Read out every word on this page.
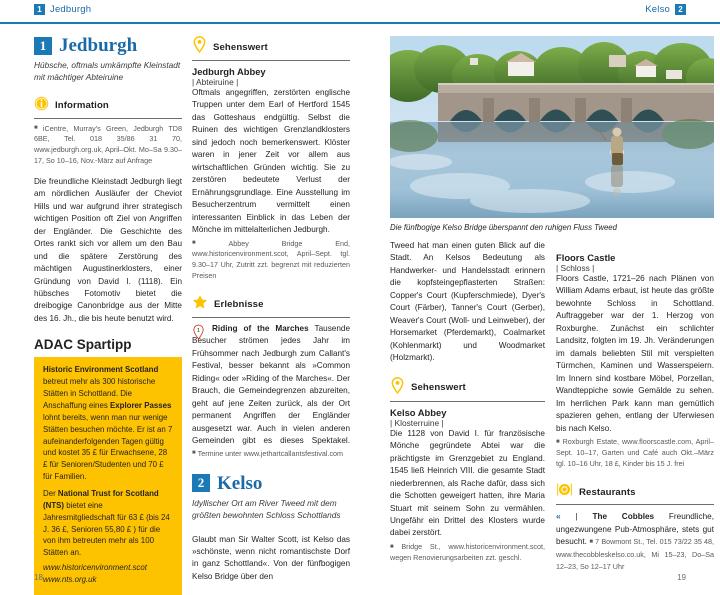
1 Jedburgh	Kelso	2
1 Jedburgh
Hübsche, oftmals umkämpfte Kleinstadt mit mächtiger Abteiruine
Information
■ iCentre, Murray's Green, Jedburgh TD8 6BE, Tel. 018 35/86 31 70, www.jedburgh.org.uk, April–Okt. Mo–Sa 9.30–17, So 10–16, Nov.-März auf Anfrage
Die freundliche Kleinstadt Jedburgh liegt am nördlichen Ausläufer der Cheviot Hills und war aufgrund ihrer strategisch wichtigen Position oft Ziel von Angriffen der Engländer. Die Geschichte des Ortes rankt sich vor allem um den Bau und die spätere Zerstörung des mächtigen Augustinerklosters, einer Gründung von David I. (1118). Ein hübsches Fotomotiv bietet die dreibogige Canonbridge aus der Mitte des 16. Jh., die bis heute benutzt wird.
ADAC Spartipp

Historic Environment Scotland betreut mehr als 300 historische Stätten in Schottland. Die Anschaffung eines Explorer Passes lohnt bereits, wenn man nur wenige Stätten besuchen möchte. Er ist an 7 aufeinanderfolgenden Tagen gültig und kostet 35 £ für Erwachsene, 28 £ für Senioren/Studenten und 70 £ für Familien.

Der National Trust for Scotland (NTS) bietet eine Jahresmitgliedschaft für 63 £ (bis 24 J. 36 £, Senioren 55,80 £ ) für die von ihm betreuten mehr als 100 Stätten an.

www.historicenvironment.scot

www.nts.org.uk

Sehenswert
Jedburgh Abbey
| Abteiruine |
Oftmals angegriffen, zerstörten englische Truppen unter dem Earl of Hertford 1545 das Gotteshaus endgültig. Selbst die Ruinen des wichtigen Grenzlandklosters sind jedoch noch bemerkenswert. Klöster waren in jener Zeit vor allem aus wirtschaftlichen Gründen wichtig. Sie zu zerstören bedeutete Verlust der Ernährungsgrundlage. Eine Ausstellung im Besucherzentrum vermittelt einen interessanten Einblick in das Leben der Mönche im mittelalterlichen Jedburgh.
■ Abbey Bridge End, www.historicenvironment.scot, April–Sept. tgl. 9.30–17 Uhr, Zutritt zzt. begrenzt mit reduzierten Preisen
Erlebnisse
1	Riding of the Marches Tausende Besucher strömen jedes Jahr im Frühsommer nach Jedburgh zum Callant's Festival, besser bekannt als »Common Riding« oder »Riding of the Marches«. Der Brauch, die Gemeindegrenzen abzureiten, geht auf jene Zeiten zurück, als der Ort permanent Angriffen der Engländer ausgesetzt war. Auch in vielen anderen Gemeinden gibt es dieses Spektakel. ■ Termine unter www.jethartcallantsfestival.com
2 Kelso
Idyllischer Ort am River Tweed mit dem größten bewohnten Schloss Schottlands
Glaubt man Sir Walter Scott, ist Kelso das »schönste, wenn nicht romantischste Dorf in ganz Schottland«. Von der fünfbogigen Kelso Bridge über den
Die fünfbogige Kelso Bridge überspannt den ruhigen Fluss Tweed
Tweed hat man einen guten Blick auf die Stadt. An Kelsos Bedeutung als Handwerker- und Handelsstadt erinnern die kopfsteingepflasterten Straßen: Copper's Court (Kupferschmiede), Dyer's Court (Färber), Tanner's Court (Gerber), Weaver's Court (Woll- und Leinweber), der Horsemarket (Pferdemarkt), Coalmarket (Kohlenmarkt) und Woodmarket (Holzmarkt).
Sehenswert
Kelso Abbey
| Klosterruine |
Die 1128 von David I. für französische Mönche gegründete Abtei war die prächtigste im Grenzgebiet zu England. 1545 ließ Heinrich VIII. die gesamte Stadt niederbrennen, als Rache dafür, dass sich die Schotten geweigert hatten, ihre Maria Stuart mit seinem Sohn zu vermählen. Ungefähr ein Drittel des Klosters wurde dabei zerstört.
■ Bridge St., www.historicenvironment.scot, wegen Renovierungsarbeiten zzt. geschl.
Floors Castle
| Schloss |
Floors Castle, 1721–26 nach Plänen von William Adams erbaut, ist heute das größte bewohnte Schloss in Schottland. Auftraggeber war der 1. Herzog von Roxburghe. Zunächst ein schlichter Landsitz, folgten im 19. Jh. Veränderungen im damals beliebten Stil mit verspielten Türmchen, Kaminen und Wasserspeiern. Im Innern sind kostbare Möbel, Porzellan, Wandteppiche sowie Gemälde zu sehen. Im herrlichen Park kann man gemütlich spazieren gehen, entlang der Uferwiesen bis nach Kelso.
■ Roxburgh Estate, www.floorscastle.com, April–Sept. 10–17, Garten und Café auch Okt.–März tgl. 10–16 Uhr, 18 £, Kinder bis 15 J. frei
Restaurants
« | The Cobbles Freundliche, ungezwungene Pub-Atmosphäre, stets gut besucht. ■ 7 Bowmont St., Tel. 015 73/22 35 48, www.thecobbleskelso.co.uk, Mi 15–23, Do–Sa 12–23, So 12–17 Uhr
18	19
